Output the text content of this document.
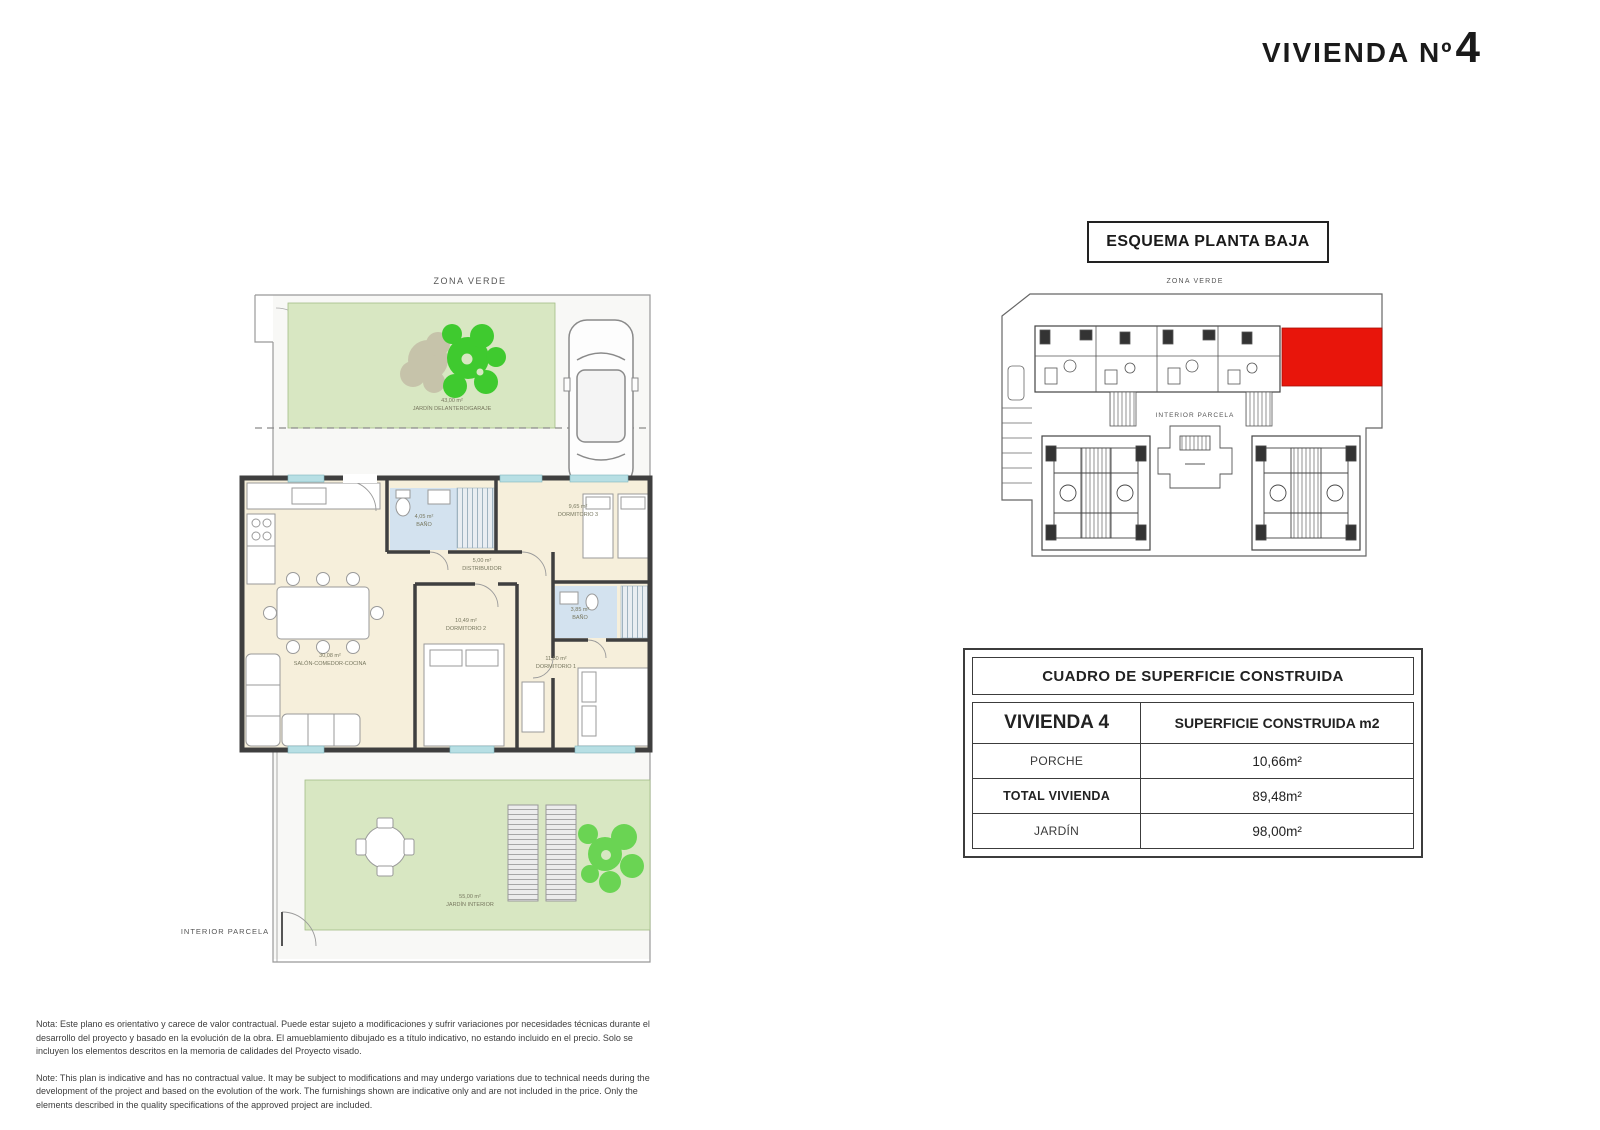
VIVIENDA Nº 4
ZONA VERDE
43,00 m²
JARDÍN DELANTERO/GARAJE
4,05 m²
BAÑO
9,65 m²
DORMITORIO 3
5,00 m²
DISTRIBUIDOR
30,08 m²
SALÓN-COMEDOR-COCINA
10,49 m²
DORMITORIO 2
3,85 m²
BAÑO
11,60 m²
DORMITORIO 1
55,00 m²
JARDÍN INTERIOR
INTERIOR PARCELA
ESQUEMA PLANTA BAJA
ZONA VERDE
INTERIOR PARCELA
CUADRO DE SUPERFICIE CONSTRUIDA
VIVIENDA 4	SUPERFICIE CONSTRUIDA m2
PORCHE	10,66m²
TOTAL VIVIENDA	89,48m²
JARDÍN	98,00m²

Nota: Este plano es orientativo y carece de valor contractual. Puede estar sujeto a modificaciones y sufrir variaciones por necesidades técnicas durante el desarrollo del proyecto y basado en la evolución de la obra. El amueblamiento dibujado es a título indicativo, no estando incluido en el precio. Solo se incluyen los elementos descritos en la memoria de calidades del Proyecto visado.

Note: This plan is indicative and has no contractual value. It may be subject to modifications and may undergo variations due to technical needs during the development of the project and based on the evolution of the work. The furnishings shown are indicative only and are not included in the price. Only the elements described in the quality specifications of the approved project are included.
